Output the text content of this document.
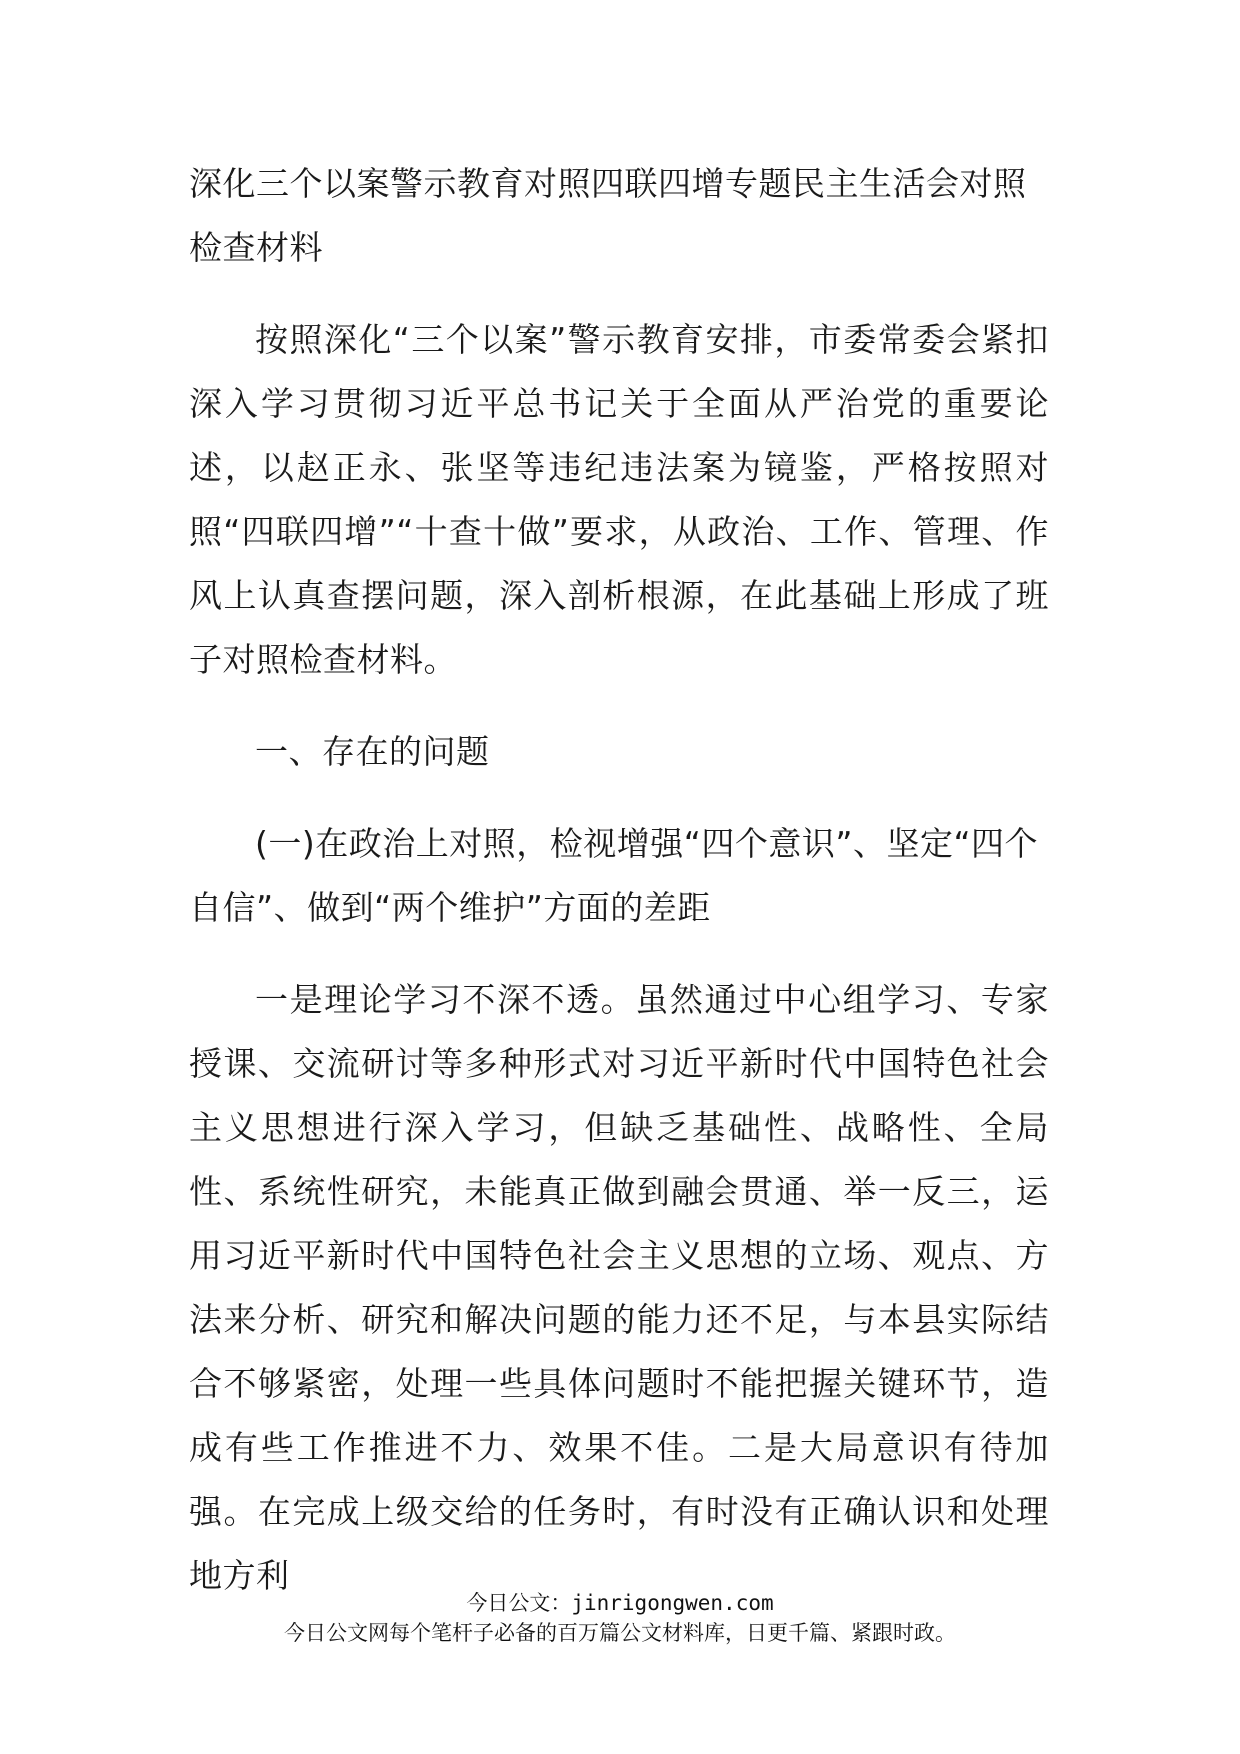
深化三个以案警示教育对照四联四增专题民主生活会对照检查材料

按照深化“三个以案”警示教育安排，市委常委会紧扣深入学习贯彻习近平总书记关于全面从严治党的重要论述，以赵正永、张坚等违纪违法案为镜鉴，严格按照对照“四联四增”“十查十做”要求，从政治、工作、管理、作风上认真查摆问题，深入剖析根源，在此基础上形成了班子对照检查材料。

一、存在的问题

(一)在政治上对照，检视增强“四个意识”、坚定“四个自信”、做到“两个维护”方面的差距

一是理论学习不深不透。虽然通过中心组学习、专家授课、交流研讨等多种形式对习近平新时代中国特色社会主义思想进行深入学习，但缺乏基础性、战略性、全局性、系统性研究，未能真正做到融会贯通、举一反三，运用习近平新时代中国特色社会主义思想的立场、观点、方法来分析、研究和解决问题的能力还不足，与本县实际结合不够紧密，处理一些具体问题时不能把握关键环节，造成有些工作推进不力、效果不佳。二是大局意识有待加强。在完成上级交给的任务时，有时没有正确认识和处理地方利

今日公文：jinrigongwen.com
今日公文网每个笔杆子必备的百万篇公文材料库，日更千篇、紧跟时政。
